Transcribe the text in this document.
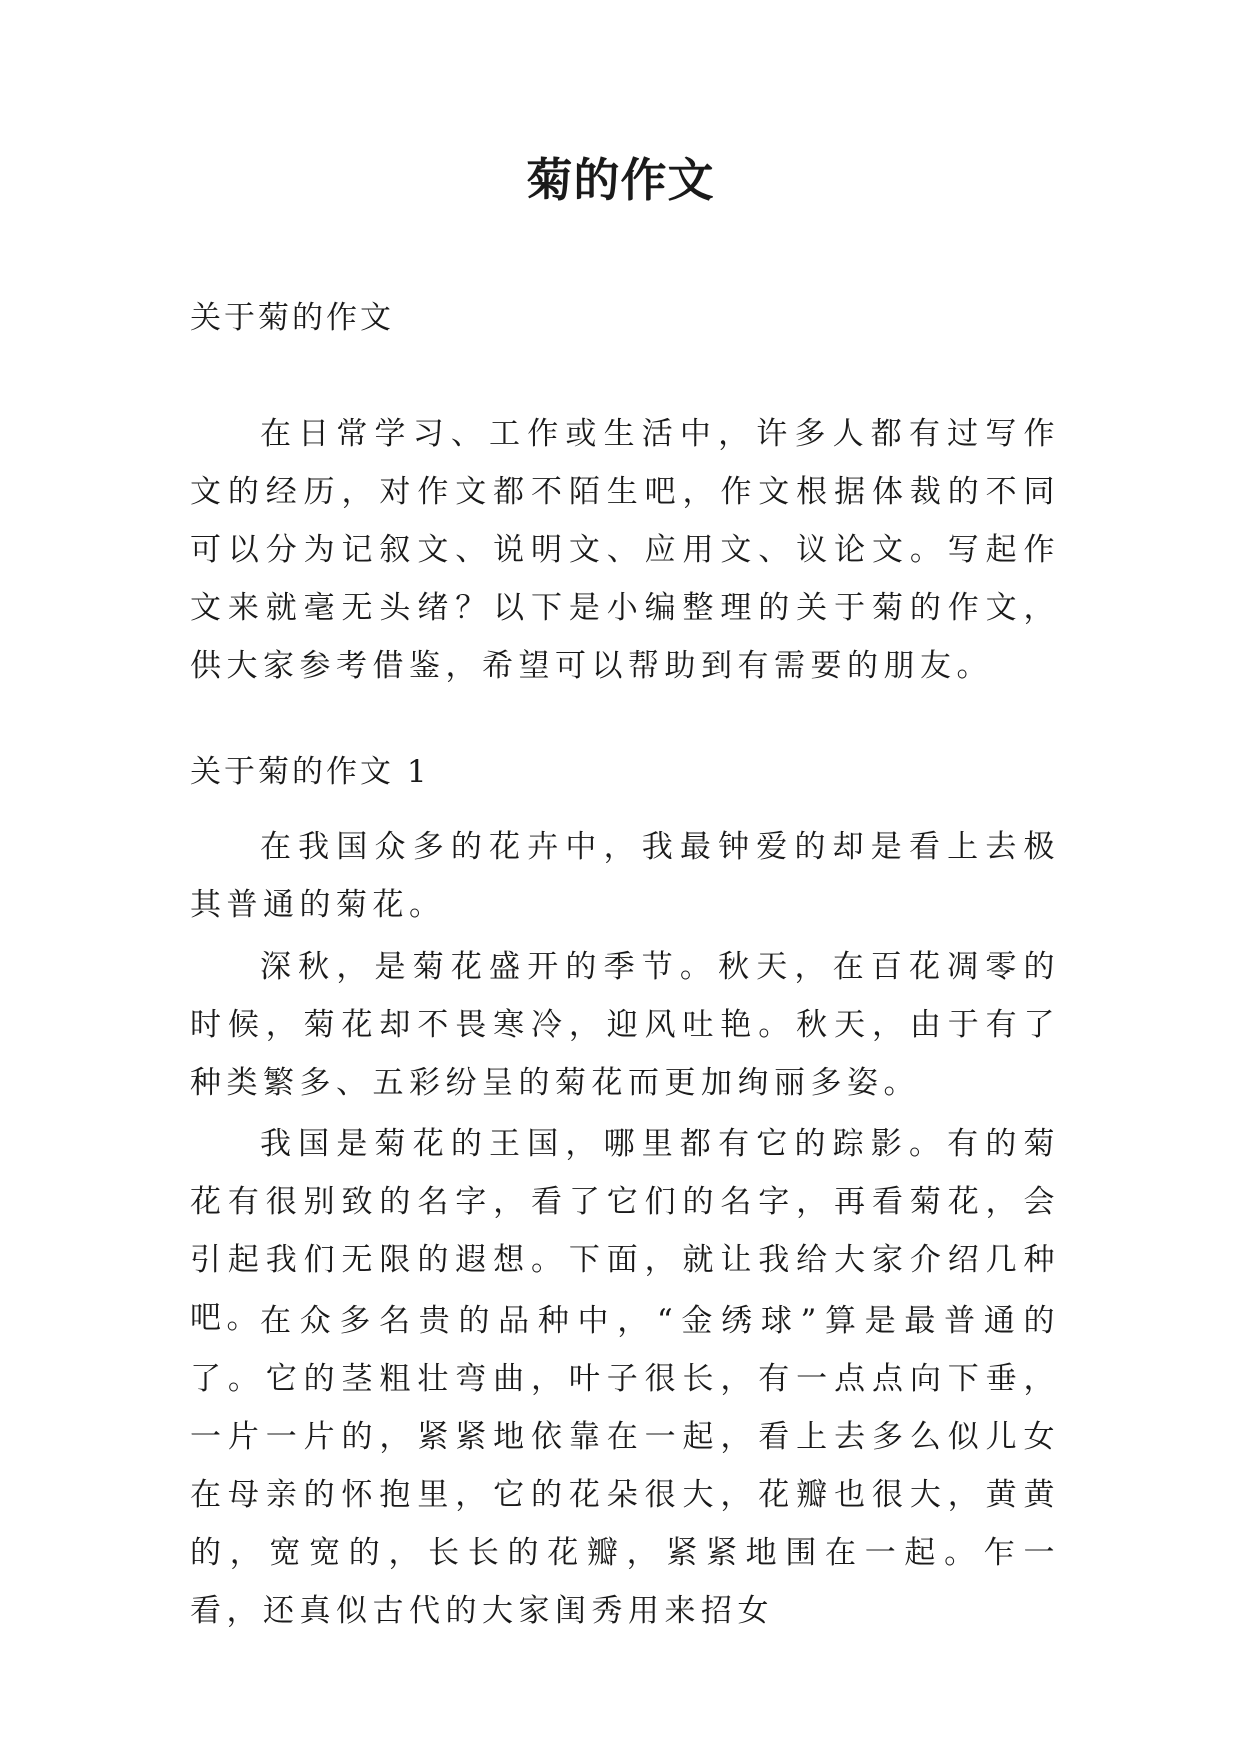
菊的作文

关于菊的作文

在日常学习、工作或生活中，许多人都有过写作文的经历，对作文都不陌生吧，作文根据体裁的不同可以分为记叙文、说明文、应用文、议论文。写起作文来就毫无头绪？以下是小编整理的关于菊的作文，供大家参考借鉴，希望可以帮助到有需要的朋友。

关于菊的作文 1

在我国众多的花卉中，我最钟爱的却是看上去极其普通的菊花。

深秋，是菊花盛开的季节。秋天，在百花凋零的时候，菊花却不畏寒冷，迎风吐艳。秋天，由于有了种类繁多、五彩纷呈的菊花而更加绚丽多姿。

我国是菊花的王国，哪里都有它的踪影。有的菊花有很别致的名字，看了它们的名字，再看菊花，会引起我们无限的遐想。下面，就让我给大家介绍几种吧。

在众多名贵的品种中，“金绣球”算是最普通的了。它的茎粗壮弯曲，叶子很长，有一点点向下垂，一片一片的，紧紧地依靠在一起，看上去多么似儿女在母亲的怀抱里，它的花朵很大，花瓣也很大，黄黄的，宽宽的，长长的花瓣，紧紧地围在一起。乍一看，还真似古代的大家闺秀用来招女
